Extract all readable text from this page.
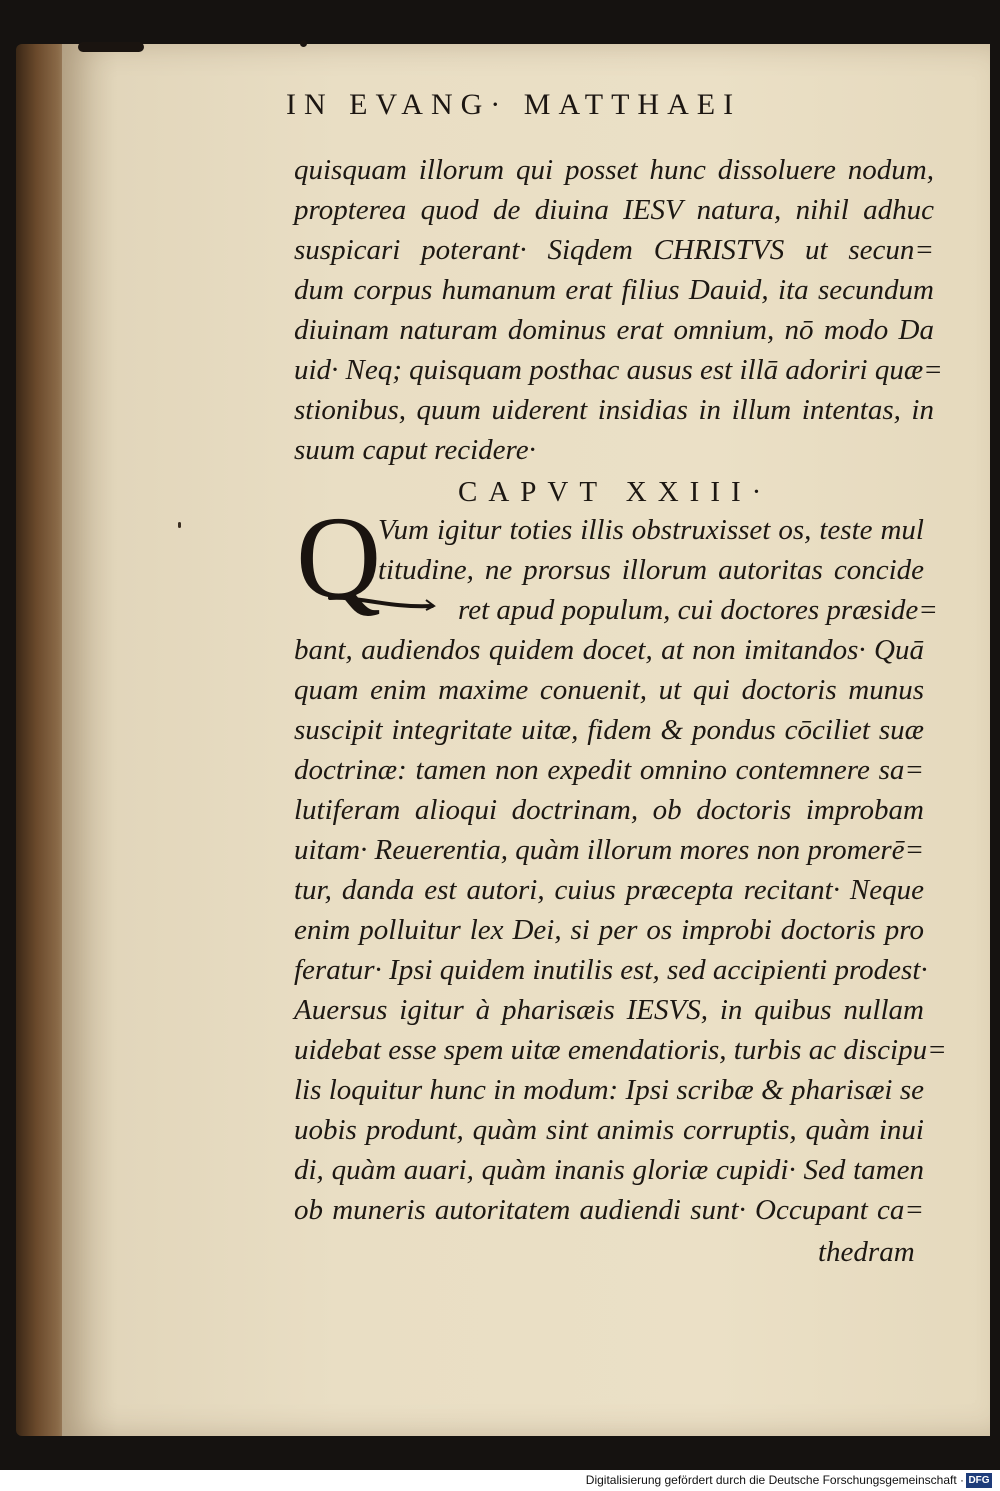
IN EVANG· MATTHAEI
quisquam illorum qui posset hunc dissoluere nodum,
propterea quod de diuina IESV natura, nihil adhuc
suspicari poterant· Siqdem CHRISTVS ut secun=
dum corpus humanum erat filius Dauid, ita secundum
diuinam naturam dominus erat omnium, nō modo Da
uid· Neq; quisquam posthac ausus est illā adoriri quæ=
stionibus, quum uiderent insidias in illum intentas, in
suum caput recidere·
CAPVT XXIII·
Q
Vum igitur toties illis obstruxisset os, teste mul
titudine, ne prorsus illorum autoritas concide
ret apud populum, cui doctores præside=
bant, audiendos quidem docet, at non imitandos· Quā
quam enim maxime conuenit, ut qui doctoris munus
suscipit integritate uitæ, fidem & pondus cōciliet suæ
doctrinæ: tamen non expedit omnino contemnere sa=
lutiferam alioqui doctrinam, ob doctoris improbam
uitam· Reuerentia, quàm illorum mores non promerē=
tur, danda est autori, cuius præcepta recitant· Neque
enim polluitur lex Dei, si per os improbi doctoris pro
feratur· Ipsi quidem inutilis est, sed accipienti prodest·
Auersus igitur à pharisæis IESVS, in quibus nullam
uidebat esse spem uitæ emendatioris, turbis ac discipu=
lis loquitur hunc in modum: Ipsi scribæ & pharisæi se
uobis produnt, quàm sint animis corruptis, quàm inui
di, quàm auari, quàm inanis gloriæ cupidi· Sed tamen
ob muneris autoritatem audiendi sunt· Occupant ca=
thedram
Digitalisierung gefördert durch die Deutsche Forschungsgemeinschaft · DFG
